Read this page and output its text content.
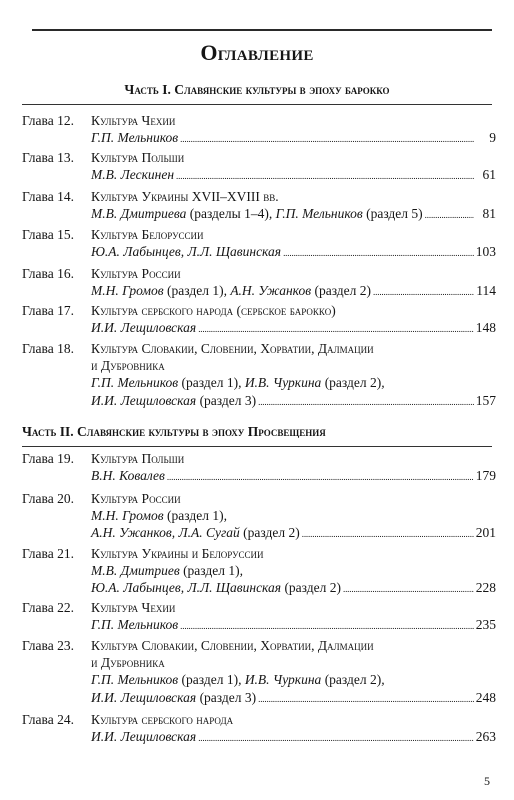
Оглавление
Часть I. Славянские культуры в эпоху барокко
Глава 12.	Культура Чехии
Г.П. Мельников . . .	9
Глава 13.	Культура Польши
М.В. Лескинен . . .	61
Глава 14.	Культура Украины XVII–XVIII вв.
М.В. Дмитриева (разделы 1–4), Г.П. Мельников (раздел 5) . . .	81
Глава 15.	Культура Белоруссии
Ю.А. Лабынцев, Л.Л. Щавинская . . .	103
Глава 16.	Культура России
М.Н. Громов (раздел 1), А.Н. Ужанков (раздел 2) . . .	114
Глава 17.	Культура сербского народа (сербское барокко)
И.И. Лещиловская . . .	148
Глава 18.	Культура Словакии, Словении, Хорватии, Далмации
и Дубровника
Г.П. Мельников (раздел 1), И.В. Чуркина (раздел 2),
И.И. Лещиловская (раздел 3) . . .	157
Часть II. Славянские культуры в эпоху Просвещения
Глава 19.	Культура Польши
В.Н. Ковалев . . .	179
Глава 20.	Культура России
М.Н. Громов (раздел 1),
А.Н. Ужанков, Л.А. Сугай (раздел 2) . . .	201
Глава 21.	Культура Украины и Белоруссии
М.В. Дмитриев (раздел 1),
Ю.А. Лабынцев, Л.Л. Щавинская (раздел 2) . . .	228
Глава 22.	Культура Чехии
Г.П. Мельников . . .	235
Глава 23.	Культура Словакии, Словении, Хорватии, Далмации
и Дубровника
Г.П. Мельников (раздел 1), И.В. Чуркина (раздел 2),
И.И. Лещиловская (раздел 3) . . .	248
Глава 24.	Культура сербского народа
И.И. Лещиловская . . .	263
5
